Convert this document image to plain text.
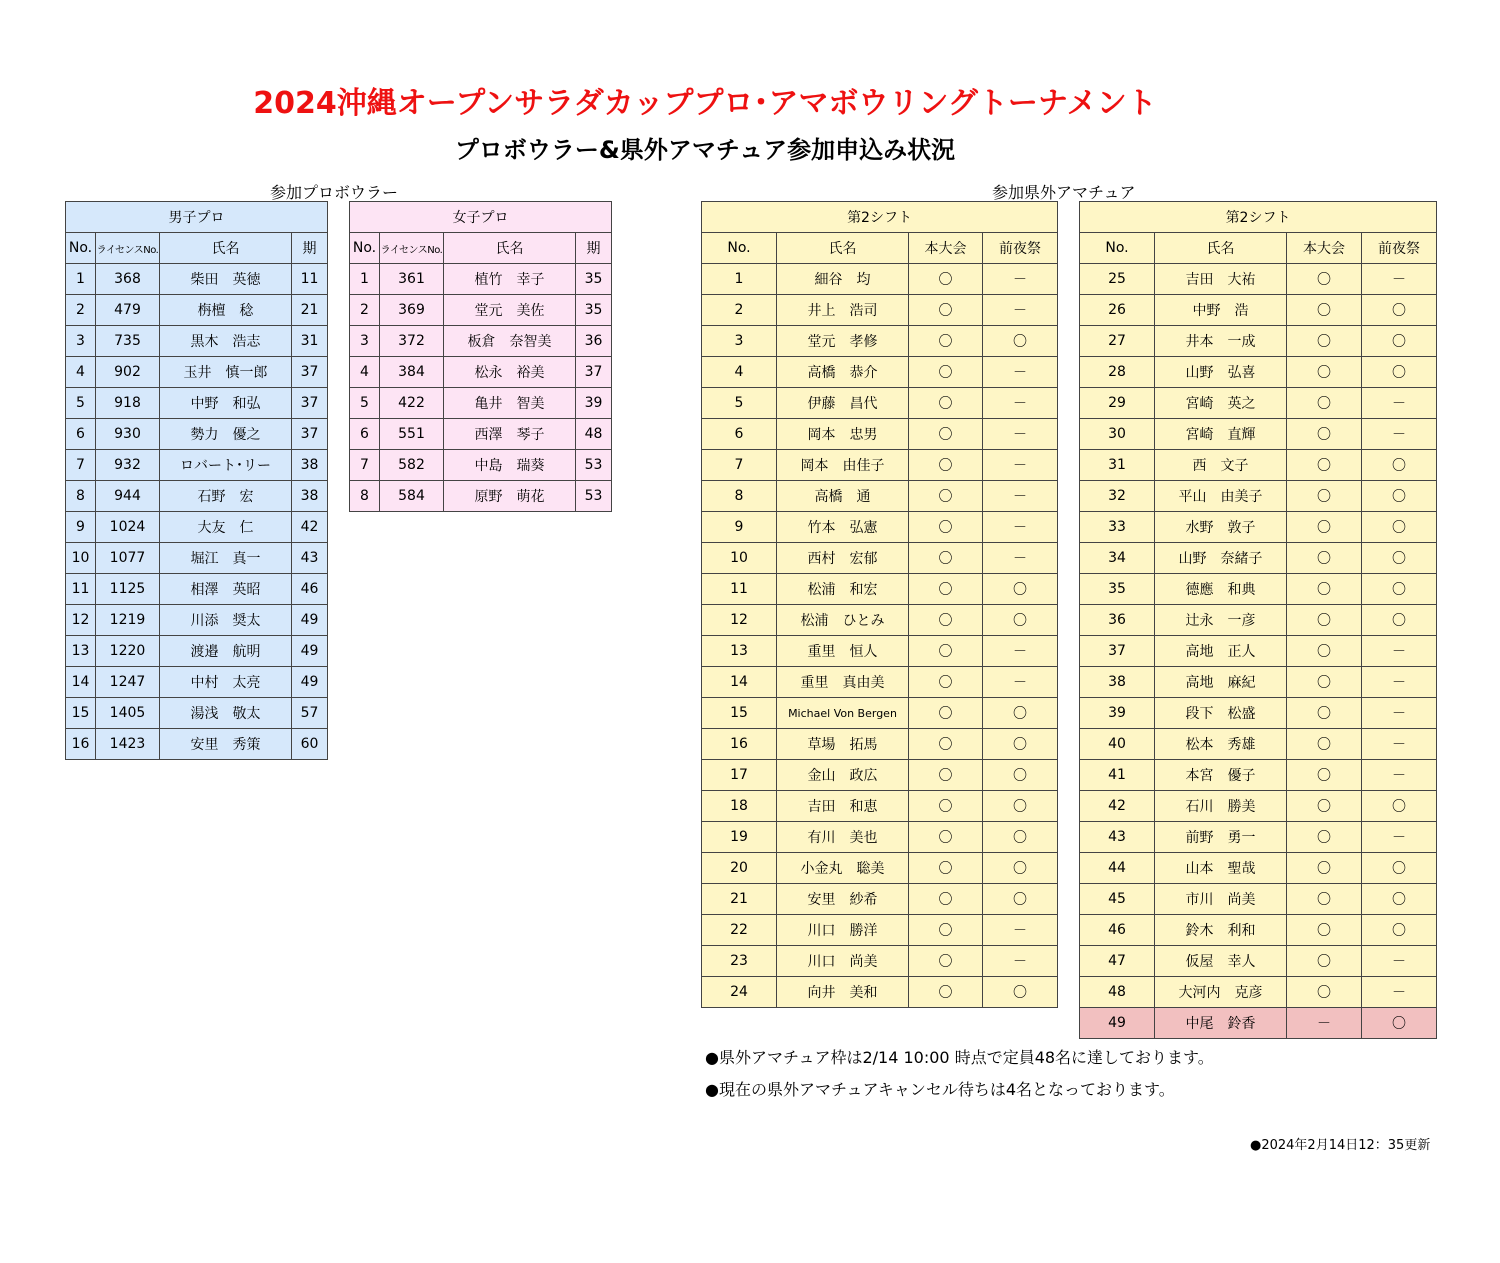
2024沖縄オープンサラダカッププロ･アマボウリングトーナメント
プロボウラー&県外アマチュア参加申込み状況
参加プロボウラー	参加県外アマチュア
男子プロ			
No.	ライセンスNo.	氏名	期
1	368	柴田　英徳	11
2	479	栴檀　稔	21
3	735	黒木　浩志	31
4	902	玉井　慎一郎	37
5	918	中野　和弘	37
6	930	勢力　優之	37
7	932	ロバート･リー	38
8	944	石野　宏	38
9	1024	大友　仁	42
10	1077	堀江　真一	43
11	1125	相澤　英昭	46
12	1219	川添　奨太	49
13	1220	渡邉　航明	49
14	1247	中村　太亮	49
15	1405	湯浅　敬太	57
16	1423	安里　秀策	60
女子プロ			
No.	ライセンスNo.	氏名	期
1	361	植竹　幸子	35
2	369	堂元　美佐	35
3	372	板倉　奈智美	36
4	384	松永　裕美	37
5	422	亀井　智美	39
6	551	西澤　琴子	48
7	582	中島　瑞葵	53
8	584	原野　萌花	53
第2シフト			
No.	氏名	本大会	前夜祭
1	細谷　均	〇	－
2	井上　浩司	〇	－
3	堂元　孝修	〇	〇
4	高橋　恭介	〇	－
5	伊藤　昌代	〇	－
6	岡本　忠男	〇	－
7	岡本　由佳子	〇	－
8	高橋　通	〇	－
9	竹本　弘憲	〇	－
10	西村　宏郁	〇	－
11	松浦　和宏	〇	〇
12	松浦　ひとみ	〇	〇
13	重里　恒人	〇	－
14	重里　真由美	〇	－
15	Michael Von Bergen	〇	〇
16	草場　拓馬	〇	〇
17	金山　政広	〇	〇
18	吉田　和恵	〇	〇
19	有川　美也	〇	〇
20	小金丸　聡美	〇	〇
21	安里　紗希	〇	〇
22	川口　勝洋	〇	－
23	川口　尚美	〇	－
24	向井　美和	〇	〇
第2シフト			
No.	氏名	本大会	前夜祭
25	吉田　大祐	〇	－
26	中野　浩	〇	〇
27	井本　一成	〇	〇
28	山野　弘喜	〇	〇
29	宮崎　英之	〇	－
30	宮崎　直輝	〇	－
31	西　文子	〇	〇
32	平山　由美子	〇	〇
33	水野　敦子	〇	〇
34	山野　奈緒子	〇	〇
35	德應　和典	〇	〇
36	辻永　一彦	〇	〇
37	高地　正人	〇	－
38	高地　麻紀	〇	－
39	段下　松盛	〇	－
40	松本　秀雄	〇	－
41	本宮　優子	〇	－
42	石川　勝美	〇	〇
43	前野　勇一	〇	－
44	山本　聖哉	〇	〇
45	市川　尚美	〇	〇
46	鈴木　利和	〇	〇
47	仮屋　幸人	〇	－
48	大河内　克彦	〇	－
49	中尾　鈴香	－	〇
●県外アマチュア枠は2/14 10:00 時点で定員48名に達しております。
●現在の県外アマチュアキャンセル待ちは4名となっております。
●2024年2月14日12：35更新
